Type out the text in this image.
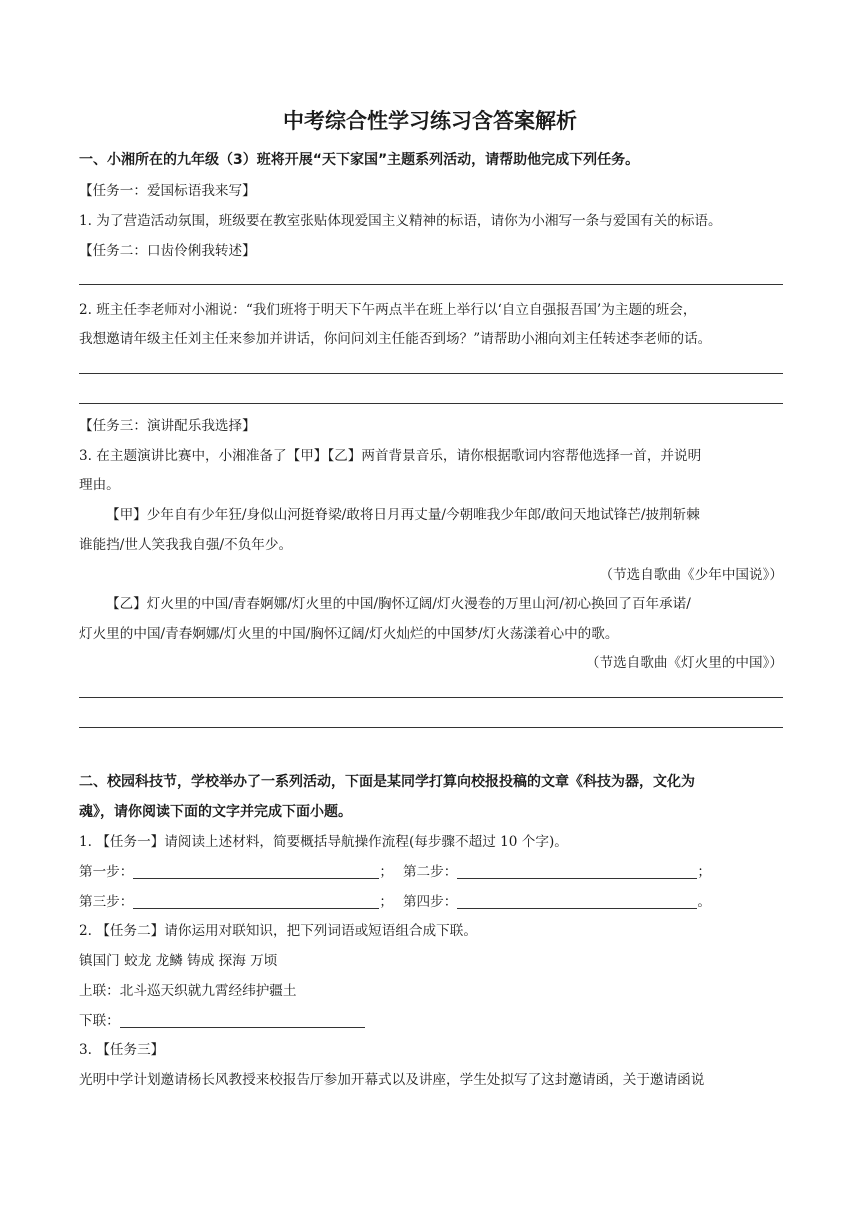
中考综合性学习练习含答案解析
一、小湘所在的九年级（3）班将开展“天下家国”主题系列活动，请帮助他完成下列任务。
【任务一：爱国标语我来写】
1. 为了营造活动氛围，班级要在教室张贴体现爱国主义精神的标语，请你为小湘写一条与爱国有关的标语。
【任务二：口齿伶俐我转述】
2. 班主任李老师对小湘说：“我们班将于明天下午两点半在班上举行以‘自立自强报吾国’为主题的班会，
我想邀请年级主任刘主任来参加并讲话，你问问刘主任能否到场？”请帮助小湘向刘主任转述李老师的话。
【任务三：演讲配乐我选择】
3. 在主题演讲比赛中，小湘准备了【甲】【乙】两首背景音乐，请你根据歌词内容帮他选择一首，并说明
理由。
【甲】少年自有少年狂/身似山河挺脊梁/敢将日月再丈量/今朝唯我少年郎/敢问天地试锋芒/披荆斩棘
谁能挡/世人笑我我自强/不负年少。
（节选自歌曲《少年中国说》）
【乙】灯火里的中国/青春婀娜/灯火里的中国/胸怀辽阔/灯火漫卷的万里山河/初心换回了百年承诺/
灯火里的中国/青春婀娜/灯火里的中国/胸怀辽阔/灯火灿烂的中国梦/灯火荡漾着心中的歌。
（节选自歌曲《灯火里的中国》）
二、校园科技节，学校举办了一系列活动，下面是某同学打算向校报投稿的文章《科技为器，文化为
魂》，请你阅读下面的文字并完成下面小题。
1. 【任务一】请阅读上述材料，简要概括导航操作流程(每步骤不超过 10 个字)。
第一步：	； 第二步：	；
第三步：	； 第四步：	。
2. 【任务二】请你运用对联知识，把下列词语或短语组合成下联。
镇国门 蛟龙 龙鳞 铸成 探海 万顷
上联：北斗巡天织就九霄经纬护疆土
下联：
3. 【任务三】
光明中学计划邀请杨长风教授来校报告厅参加开幕式以及讲座，学生处拟写了这封邀请函，关于邀请函说
